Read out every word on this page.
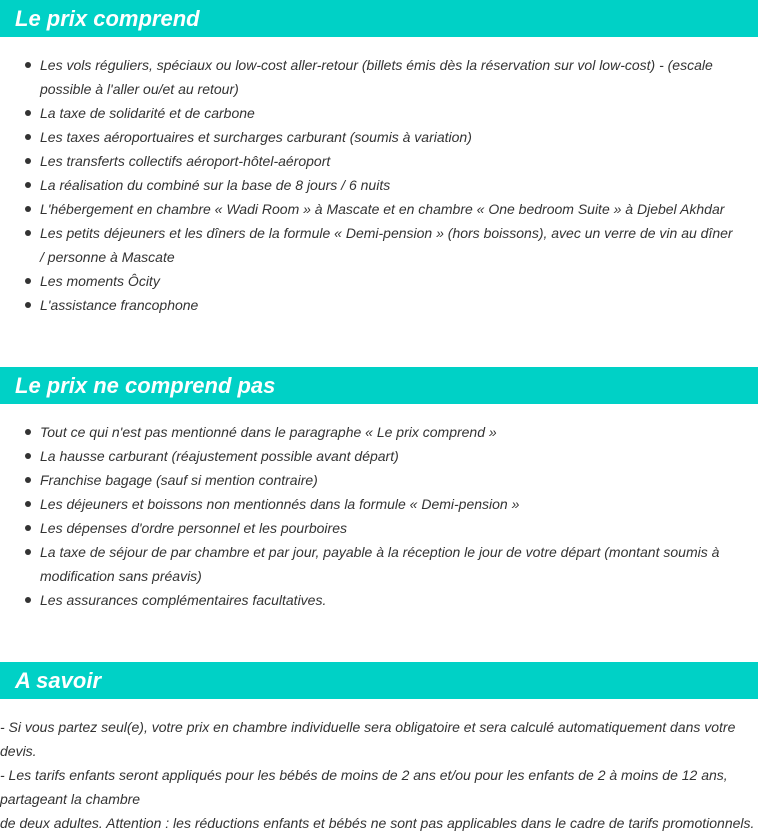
Le prix comprend
Les vols réguliers, spéciaux ou low-cost aller-retour (billets émis dès la réservation sur vol low-cost) - (escale possible à l'aller ou/et au retour)
La taxe de solidarité et de carbone
Les taxes aéroportuaires et surcharges carburant (soumis à variation)
Les transferts collectifs aéroport-hôtel-aéroport
La réalisation du combiné sur la base de 8 jours / 6 nuits
L'hébergement en chambre « Wadi Room » à Mascate et en chambre « One bedroom Suite » à Djebel Akhdar
Les petits déjeuners et les dîners de la formule « Demi-pension » (hors boissons), avec un verre de vin au dîner / personne à Mascate
Les moments Ôcity
L'assistance francophone
Le prix ne comprend pas
Tout ce qui n'est pas mentionné dans le paragraphe « Le prix comprend »
La hausse carburant (réajustement possible avant départ)
Franchise bagage (sauf si mention contraire)
Les déjeuners et boissons non mentionnés dans la formule « Demi-pension »
Les dépenses d'ordre personnel et les pourboires
La taxe de séjour de par chambre et par jour, payable à la réception le jour de votre départ (montant soumis à modification sans préavis)
Les assurances complémentaires facultatives.
A savoir

- Si vous partez seul(e), votre prix en chambre individuelle sera obligatoire et sera calculé automatiquement dans votre devis.

- Les tarifs enfants seront appliqués pour les bébés de moins de 2 ans et/ou pour les enfants de 2 à moins de 12 ans, partageant la chambre

de deux adultes. Attention : les réductions enfants et bébés ne sont pas applicables dans le cadre de tarifs promotionnels.
